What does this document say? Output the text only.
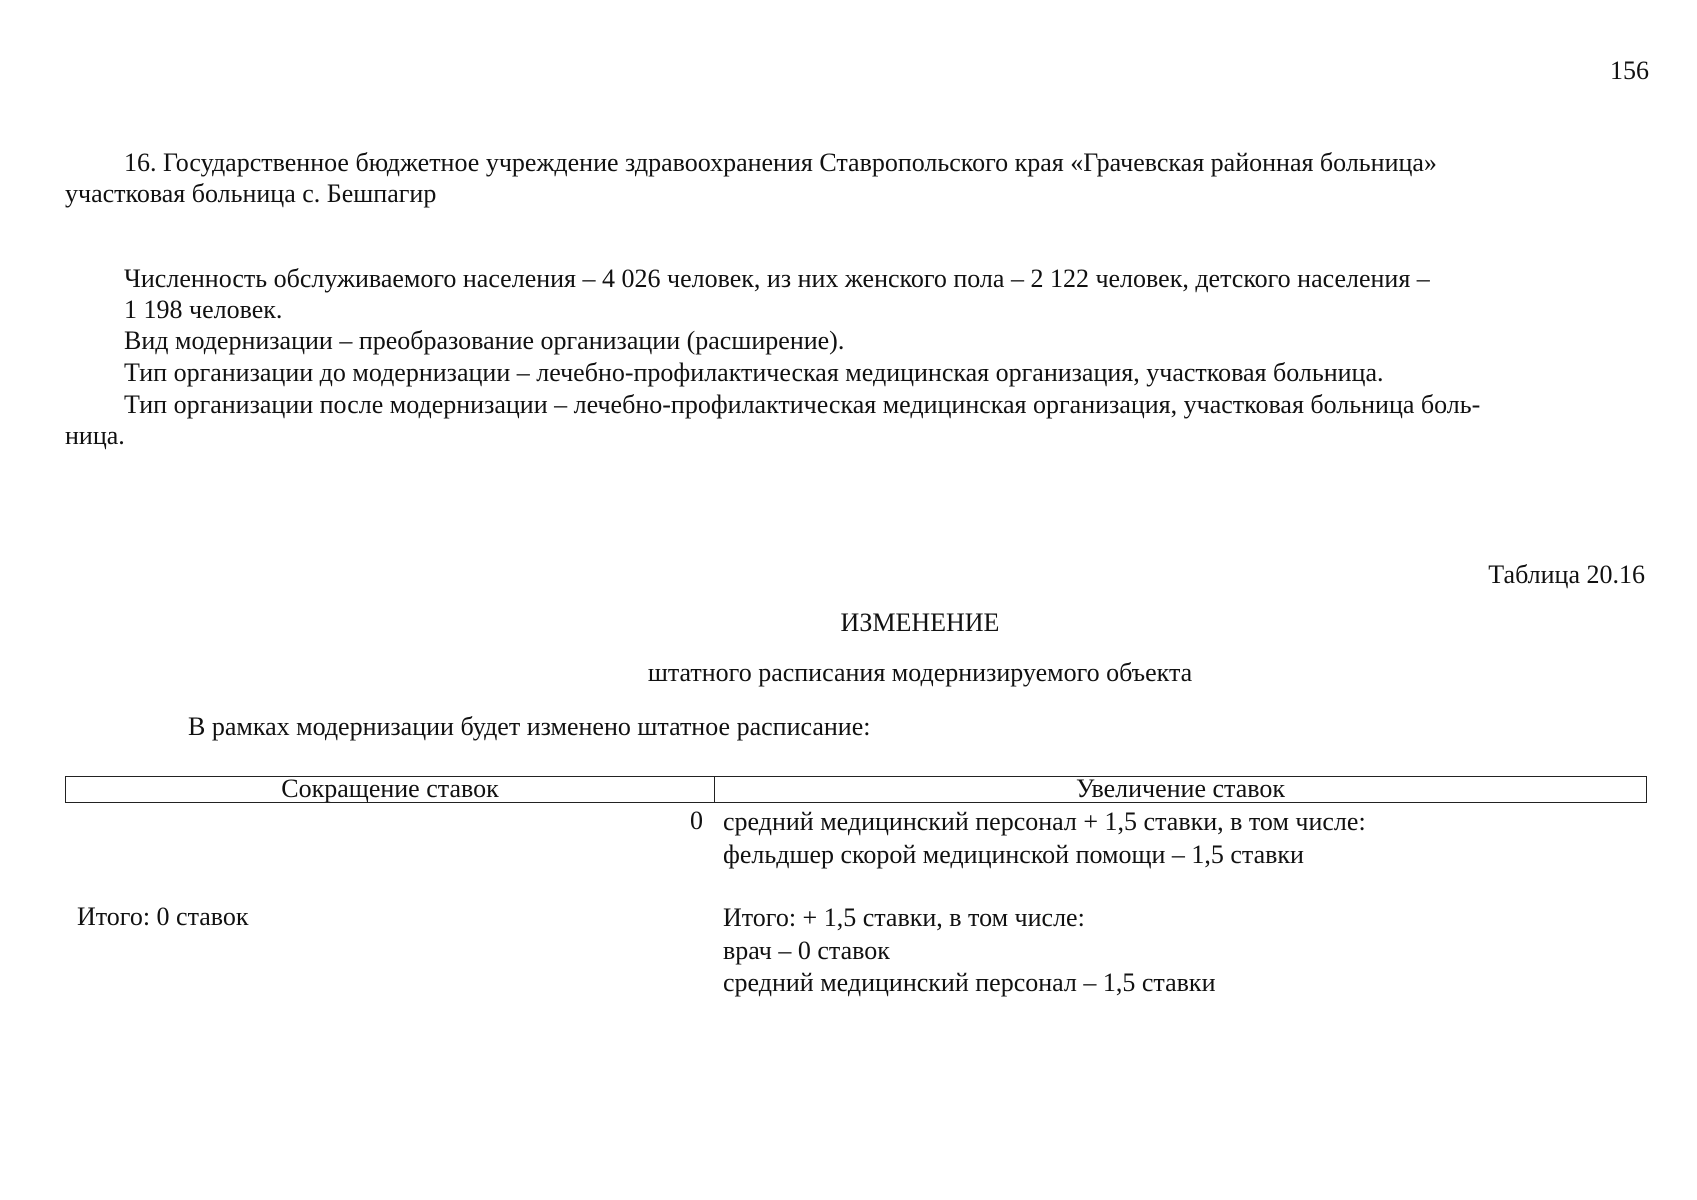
156
16. Государственное бюджетное учреждение здравоохранения Ставропольского края «Грачевская районная больница»
участковая больница с. Бешпагир
Численность обслуживаемого населения – 4 026 человек, из них женского пола – 2 122 человек, детского населения –
1 198 человек.
Вид модернизации – преобразование организации (расширение).
Тип организации до модернизации – лечебно-профилактическая медицинская организация, участковая больница.
Тип организации после модернизации – лечебно-профилактическая медицинская организация, участковая больница боль-
ница.
Таблица 20.16
ИЗМЕНЕНИЕ
штатного расписания модернизируемого объекта
В рамках модернизации будет изменено штатное расписание:
Сокращение ставок	Увеличение ставок
0 средний медицинский персонал + 1,5 ставки, в том числе:
фельдшер скорой медицинской помощи – 1,5 ставки
Итого: 0 ставок	Итого: + 1,5 ставки, в том числе:
врач – 0 ставок
средний медицинский персонал – 1,5 ставки
